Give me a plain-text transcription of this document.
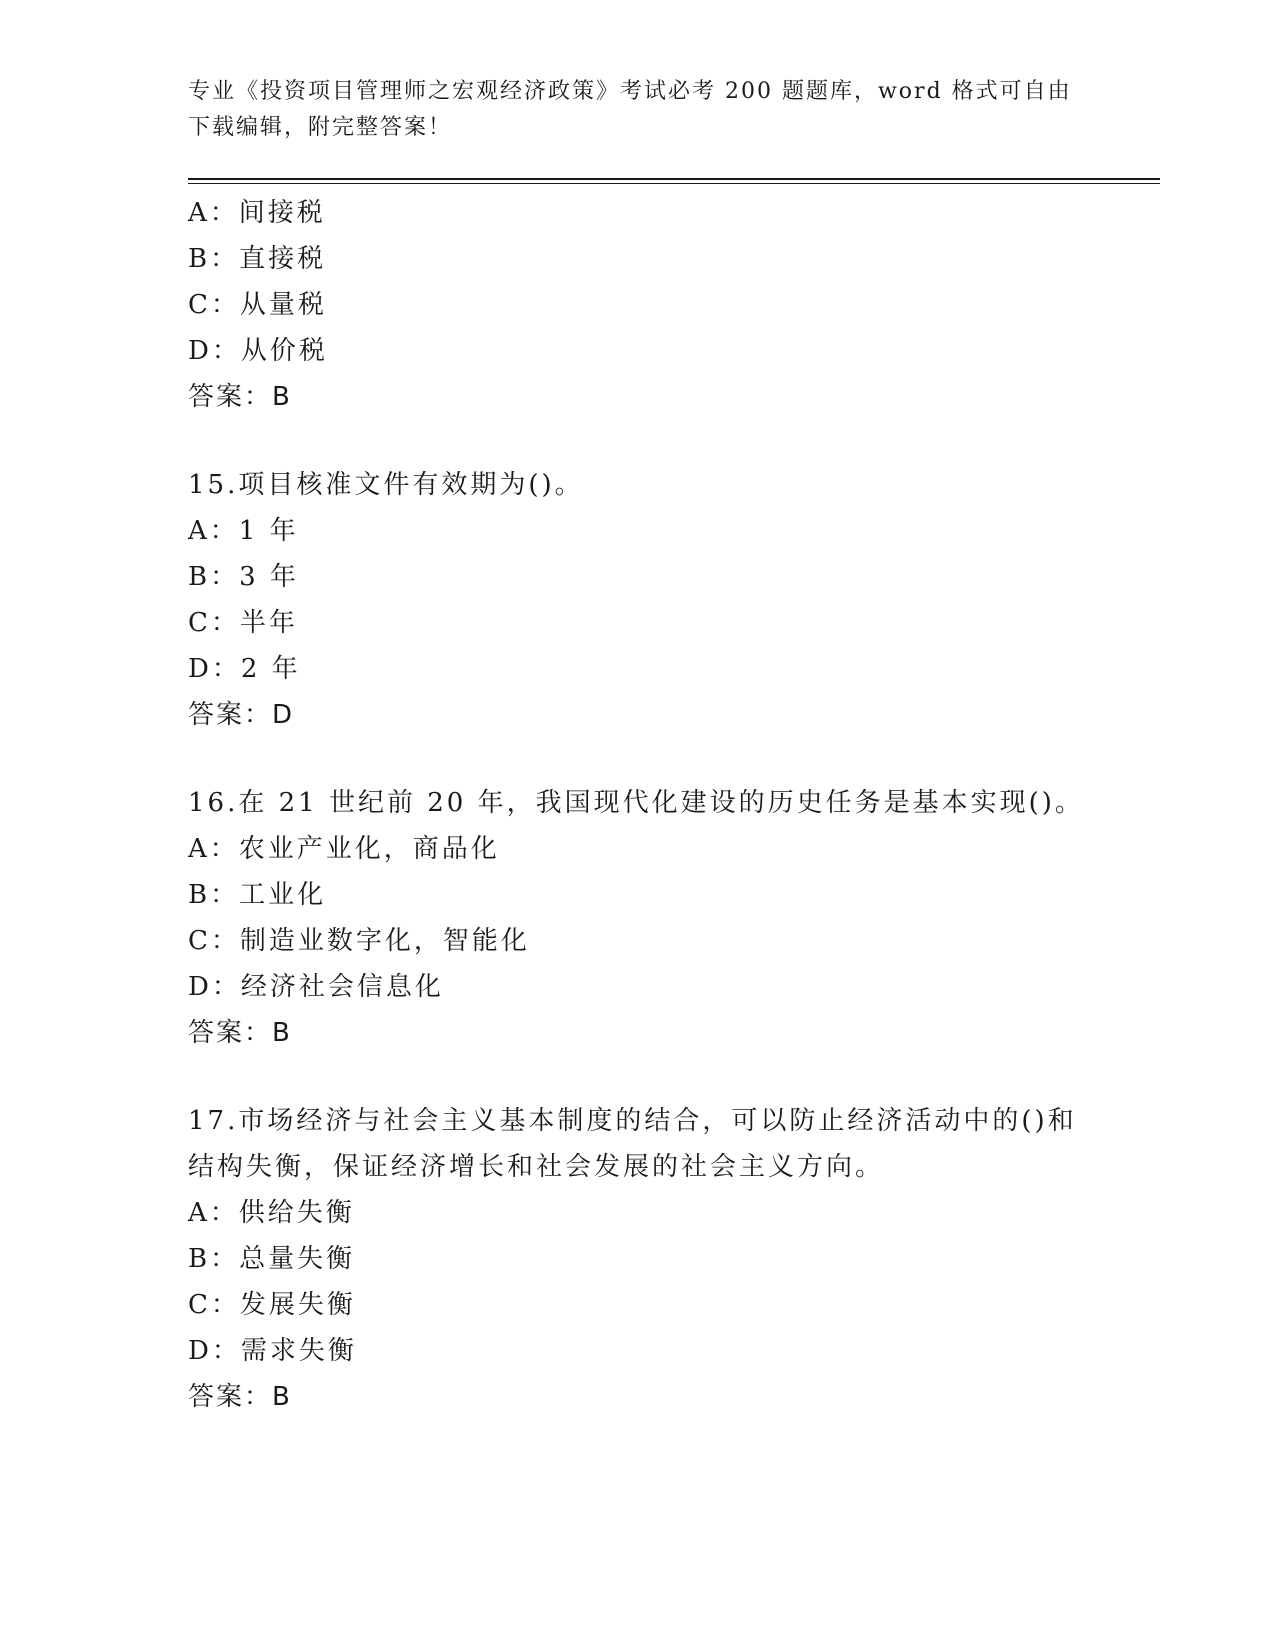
专业《投资项目管理师之宏观经济政策》考试必考 200 题题库，word 格式可自由下载编辑，附完整答案！
A：间接税
B：直接税
C：从量税
D：从价税
答案：B
15.项目核准文件有效期为()。
A：1 年
B：3 年
C：半年
D：2 年
答案：D
16.在 21 世纪前 20 年，我国现代化建设的历史任务是基本实现()。
A：农业产业化，商品化
B：工业化
C：制造业数字化，智能化
D：经济社会信息化
答案：B
17.市场经济与社会主义基本制度的结合，可以防止经济活动中的()和结构失衡，保证经济增长和社会发展的社会主义方向。
A：供给失衡
B：总量失衡
C：发展失衡
D：需求失衡
答案：B
